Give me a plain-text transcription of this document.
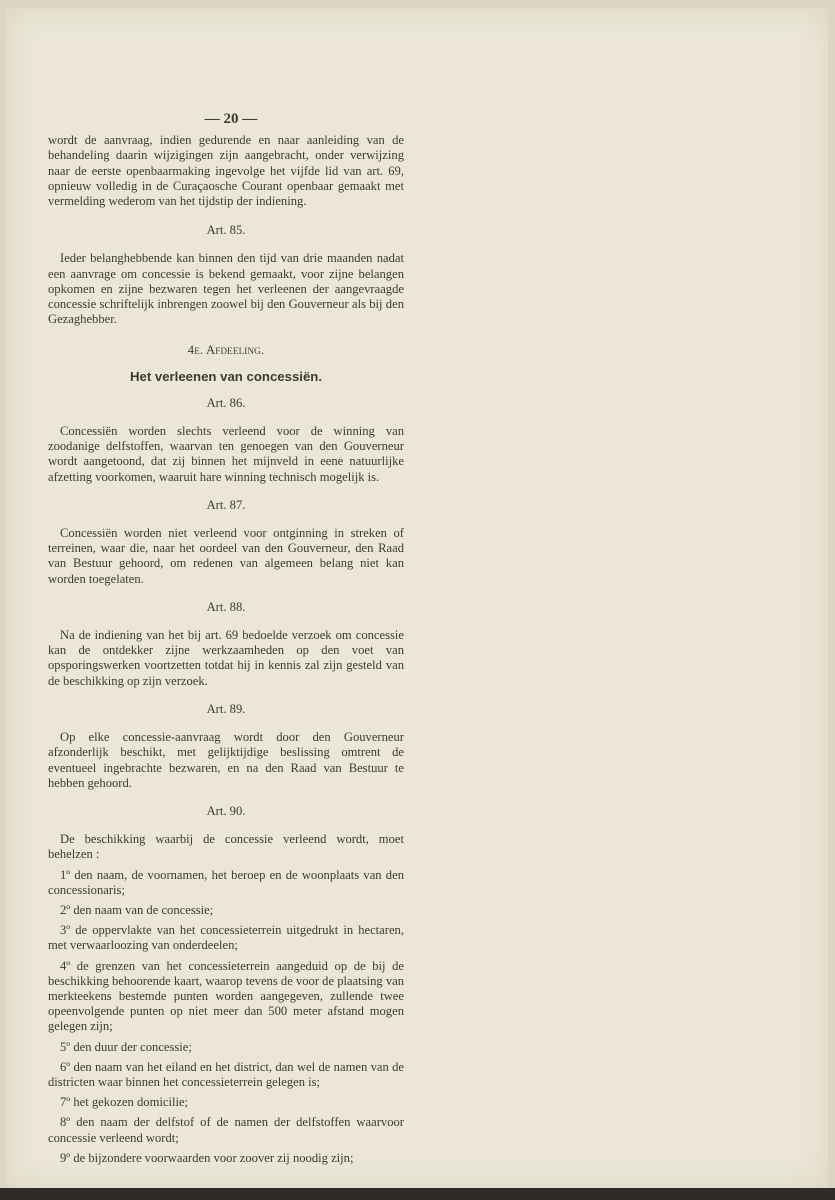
— 20 —

wordt de aanvraag, indien gedurende en naar aanleiding van de behandeling daarin wijzigingen zijn aangebracht, onder verwijzing naar de eerste openbaarmaking ingevolge het vijfde lid van art. 69, opnieuw volledig in de Curaçaosche Courant openbaar gemaakt met vermelding wederom van het tijdstip der indiening.

Art. 85.

Ieder belanghebbende kan binnen den tijd van drie maanden nadat een aanvrage om concessie is bekend gemaakt, voor zijne belangen opkomen en zijne bezwaren tegen het verleenen der aangevraagde concessie schriftelijk inbrengen zoowel bij den Gouverneur als bij den Gezaghebber.

4e. Afdeeling.
Het verleenen van concessiën.
Art. 86.

Concessiën worden slechts verleend voor de winning van zoodanige delfstoffen, waarvan ten genoegen van den Gouverneur wordt aangetoond, dat zij binnen het mijnveld in eene natuurlijke afzetting voorkomen, waaruit hare winning technisch mogelijk is.

Art. 87.

Concessiën worden niet verleend voor ontginning in streken of terreinen, waar die, naar het oordeel van den Gouverneur, den Raad van Bestuur gehoord, om redenen van algemeen belang niet kan worden toegelaten.

Art. 88.

Na de indiening van het bij art. 69 bedoelde verzoek om concessie kan de ontdekker zijne werkzaamheden op den voet van opsporingswerken voortzetten totdat hij in kennis zal zijn gesteld van de beschikking op zijn verzoek.

Art. 89.

Op elke concessie-aanvraag wordt door den Gouverneur afzonderlijk beschikt, met gelijktijdige beslissing omtrent de eventueel ingebrachte bezwaren, en na den Raad van Bestuur te hebben gehoord.

Art. 90.

De beschikking waarbij de concessie verleend wordt, moet behelzen :

1º den naam, de voornamen, het beroep en de woonplaats van den concessionaris;

2º den naam van de concessie;

3º de oppervlakte van het concessieterrein uitgedrukt in hectaren, met verwaarloozing van onderdeelen;

4º de grenzen van het concessieterrein aangeduid op de bij de beschikking behoorende kaart, waarop tevens de voor de plaatsing van merkteekens bestemde punten worden aangegeven, zullende twee opeenvolgende punten op niet meer dan 500 meter afstand mogen gelegen zijn;

5º den duur der concessie;

6º den naam van het eiland en het district, dan wel de namen van de districten waar binnen het concessieterrein gelegen is;

7º het gekozen domicilie;

8º den naam der delfstof of de namen der delfstoffen waarvoor concessie verleend wordt;

9º de bijzondere voorwaarden voor zoover zij noodig zijn;
